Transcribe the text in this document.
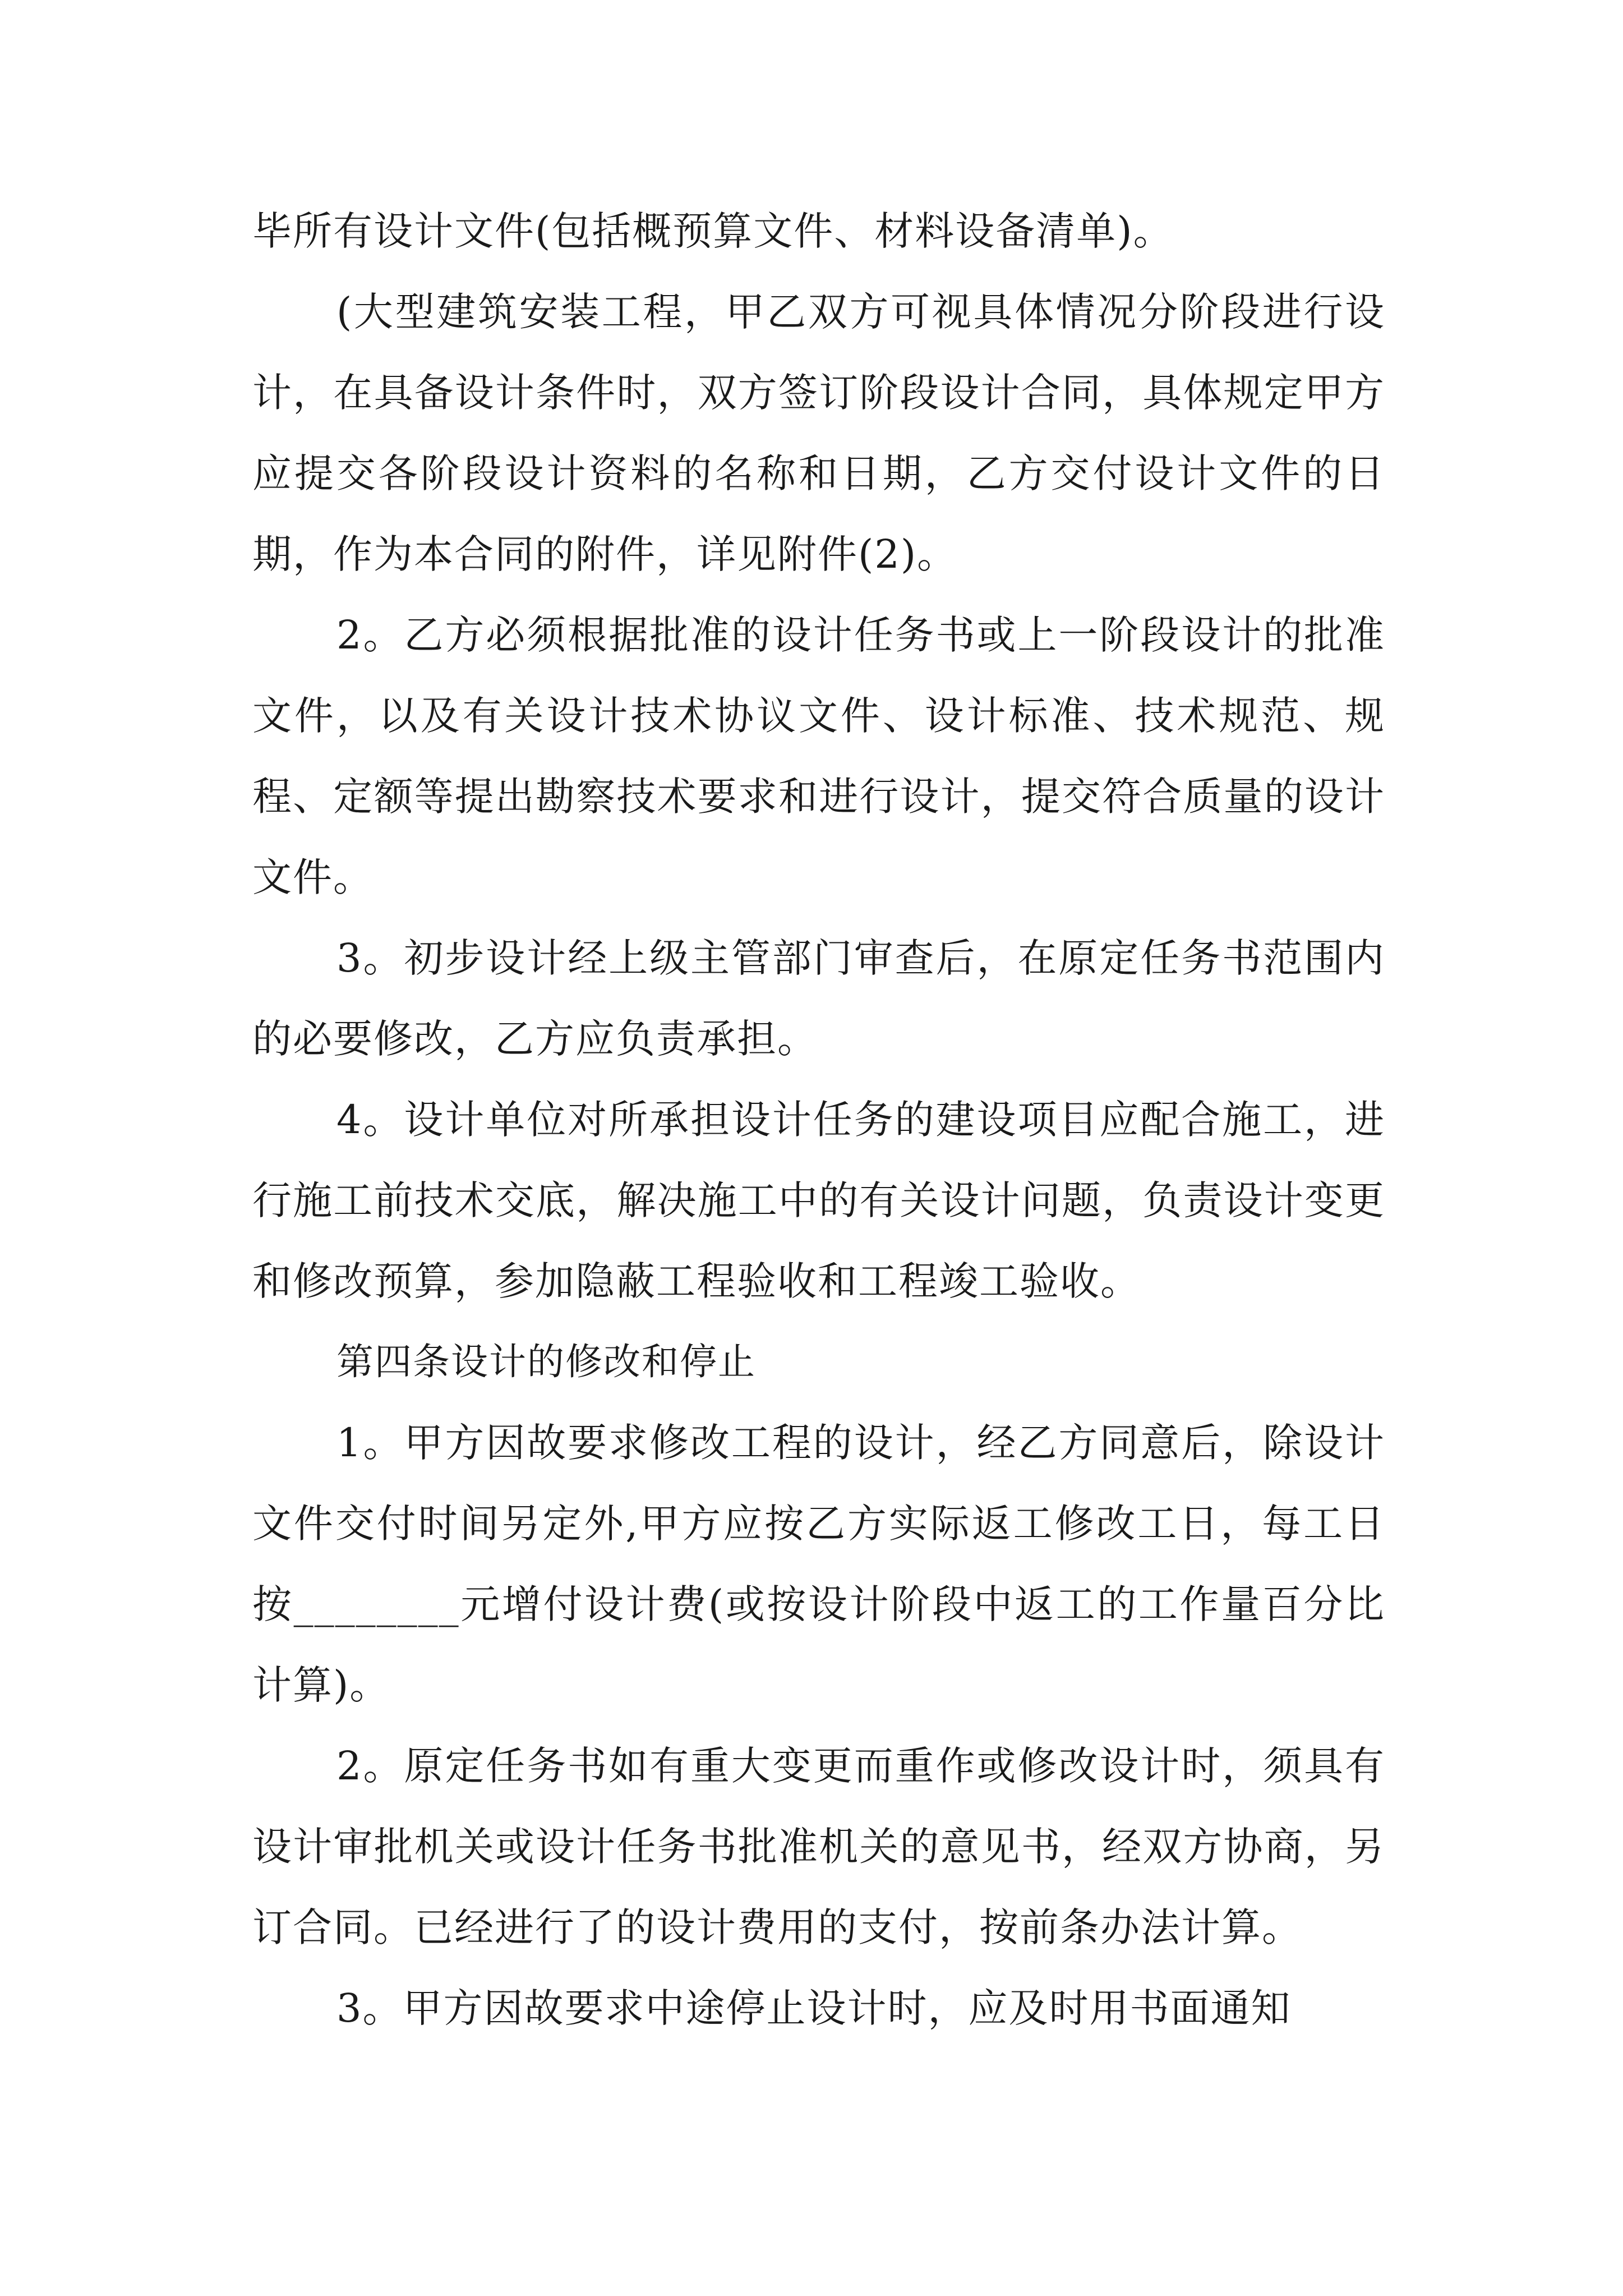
毕所有设计文件(包括概预算文件、材料设备清单)。

(大型建筑安装工程，甲乙双方可视具体情况分阶段进行设计，在具备设计条件时，双方签订阶段设计合同，具体规定甲方应提交各阶段设计资料的名称和日期，乙方交付设计文件的日期，作为本合同的附件，详见附件(2)。

2。乙方必须根据批准的设计任务书或上一阶段设计的批准文件，以及有关设计技术协议文件、设计标准、技术规范、规程、定额等提出勘察技术要求和进行设计，提交符合质量的设计文件。

3。初步设计经上级主管部门审查后，在原定任务书范围内的必要修改，乙方应负责承担。

4。设计单位对所承担设计任务的建设项目应配合施工，进行施工前技术交底，解决施工中的有关设计问题，负责设计变更和修改预算，参加隐蔽工程验收和工程竣工验收。

第四条设计的修改和停止

1。甲方因故要求修改工程的设计，经乙方同意后，除设计文件交付时间另定外,甲方应按乙方实际返工修改工日，每工日按________元增付设计费(或按设计阶段中返工的工作量百分比计算)。

2。原定任务书如有重大变更而重作或修改设计时，须具有设计审批机关或设计任务书批准机关的意见书，经双方协商，另订合同。已经进行了的设计费用的支付，按前条办法计算。

3。甲方因故要求中途停止设计时，应及时用书面通知
